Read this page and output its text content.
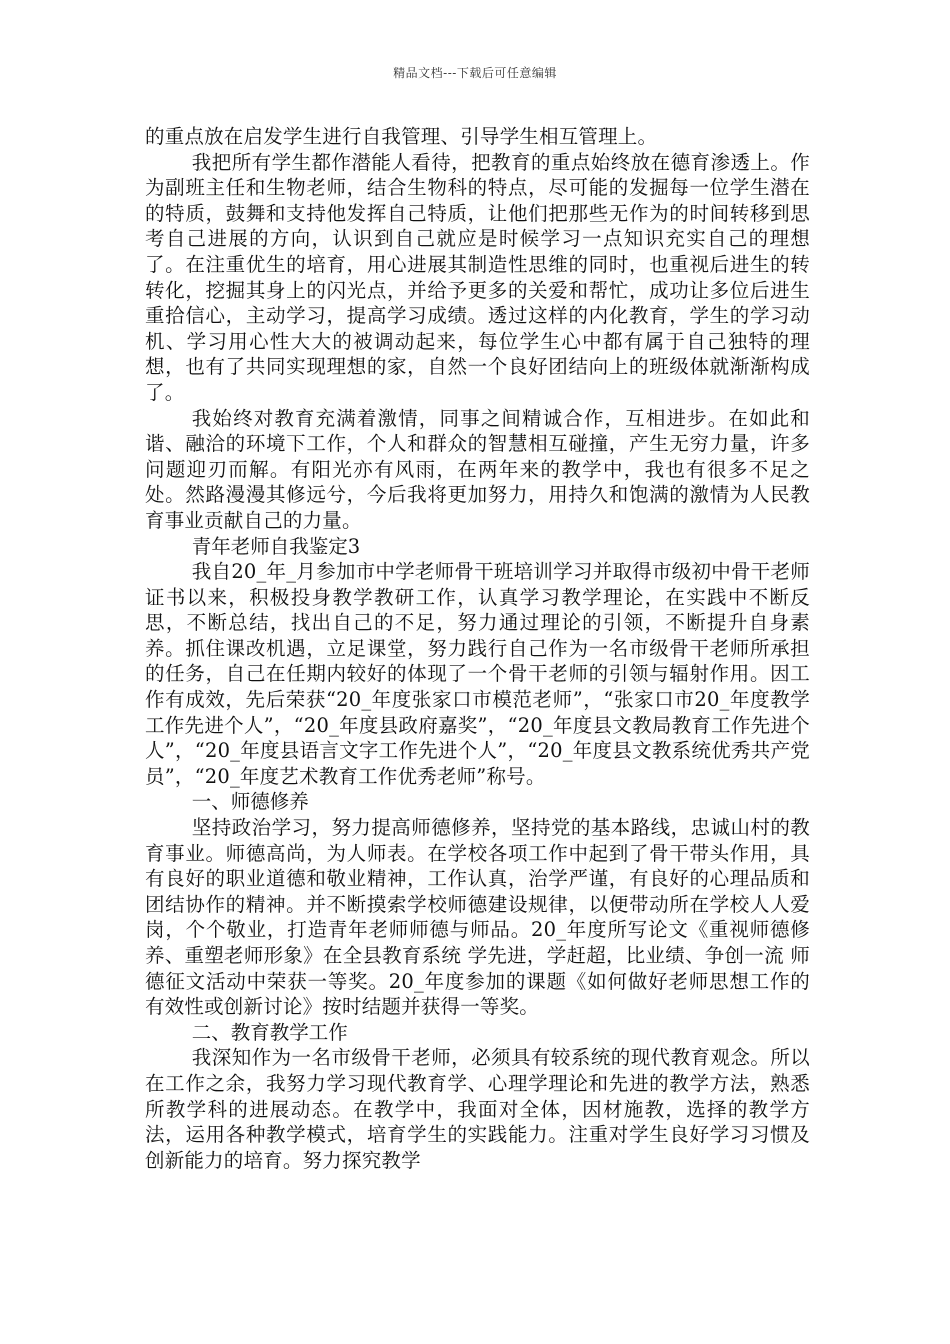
精品文档---下载后可任意编辑

的重点放在启发学生进行自我管理、引导学生相互管理上。

我把所有学生都作潜能人看待，把教育的重点始终放在德育渗透上。作为副班主任和生物老师，结合生物科的特点，尽可能的发掘每一位学生潜在的特质，鼓舞和支持他发挥自己特质，让他们把那些无作为的时间转移到思考自己进展的方向，认识到自己就应是时候学习一点知识充实自己的理想了。在注重优生的培育，用心进展其制造性思维的同时，也重视后进生的转转化，挖掘其身上的闪光点，并给予更多的关爱和帮忙，成功让多位后进生重拾信心，主动学习，提高学习成绩。透过这样的内化教育，学生的学习动机、学习用心性大大的被调动起来，每位学生心中都有属于自己独特的理想，也有了共同实现理想的家，自然一个良好团结向上的班级体就渐渐构成了。

我始终对教育充满着激情，同事之间精诚合作，互相进步。在如此和谐、融洽的环境下工作，个人和群众的智慧相互碰撞，产生无穷力量，许多问题迎刃而解。有阳光亦有风雨，在两年来的教学中，我也有很多不足之处。然路漫漫其修远兮，今后我将更加努力，用持久和饱满的激情为人民教育事业贡献自己的力量。

青年老师自我鉴定3

我自20_年_月参加市中学老师骨干班培训学习并取得市级初中骨干老师证书以来，积极投身教学教研工作，认真学习教学理论，在实践中不断反思，不断总结，找出自己的不足，努力通过理论的引领，不断提升自身素养。抓住课改机遇，立足课堂，努力践行自己作为一名市级骨干老师所承担的任务，自己在任期内较好的体现了一个骨干老师的引领与辐射作用。因工作有成效，先后荣获“20_年度张家口市模范老师”，“张家口市20_年度教学工作先进个人”，“20_年度县政府嘉奖”，“20_年度县文教局教育工作先进个人”，“20_年度县语言文字工作先进个人”，“20_年度县文教系统优秀共产党员”，“20_年度艺术教育工作优秀老师”称号。

一、师德修养

坚持政治学习，努力提高师德修养，坚持党的基本路线，忠诚山村的教育事业。师德高尚，为人师表。在学校各项工作中起到了骨干带头作用，具有良好的职业道德和敬业精神，工作认真，治学严谨，有良好的心理品质和团结协作的精神。并不断摸索学校师德建设规律，以便带动所在学校人人爱岗，个个敬业，打造青年老师师德与师品。20_年度所写论文《重视师德修养、重塑老师形象》在全县教育系统 学先进，学赶超，比业绩、争创一流 师德征文活动中荣获一等奖。20_年度参加的课题《如何做好老师思想工作的有效性或创新讨论》按时结题并获得一等奖。

二、教育教学工作

我深知作为一名市级骨干老师，必须具有较系统的现代教育观念。所以在工作之余，我努力学习现代教育学、心理学理论和先进的教学方法，熟悉所教学科的进展动态。在教学中，我面对全体，因材施教，选择的教学方法，运用各种教学模式，培育学生的实践能力。注重对学生良好学习习惯及创新能力的培育。努力探究教学
